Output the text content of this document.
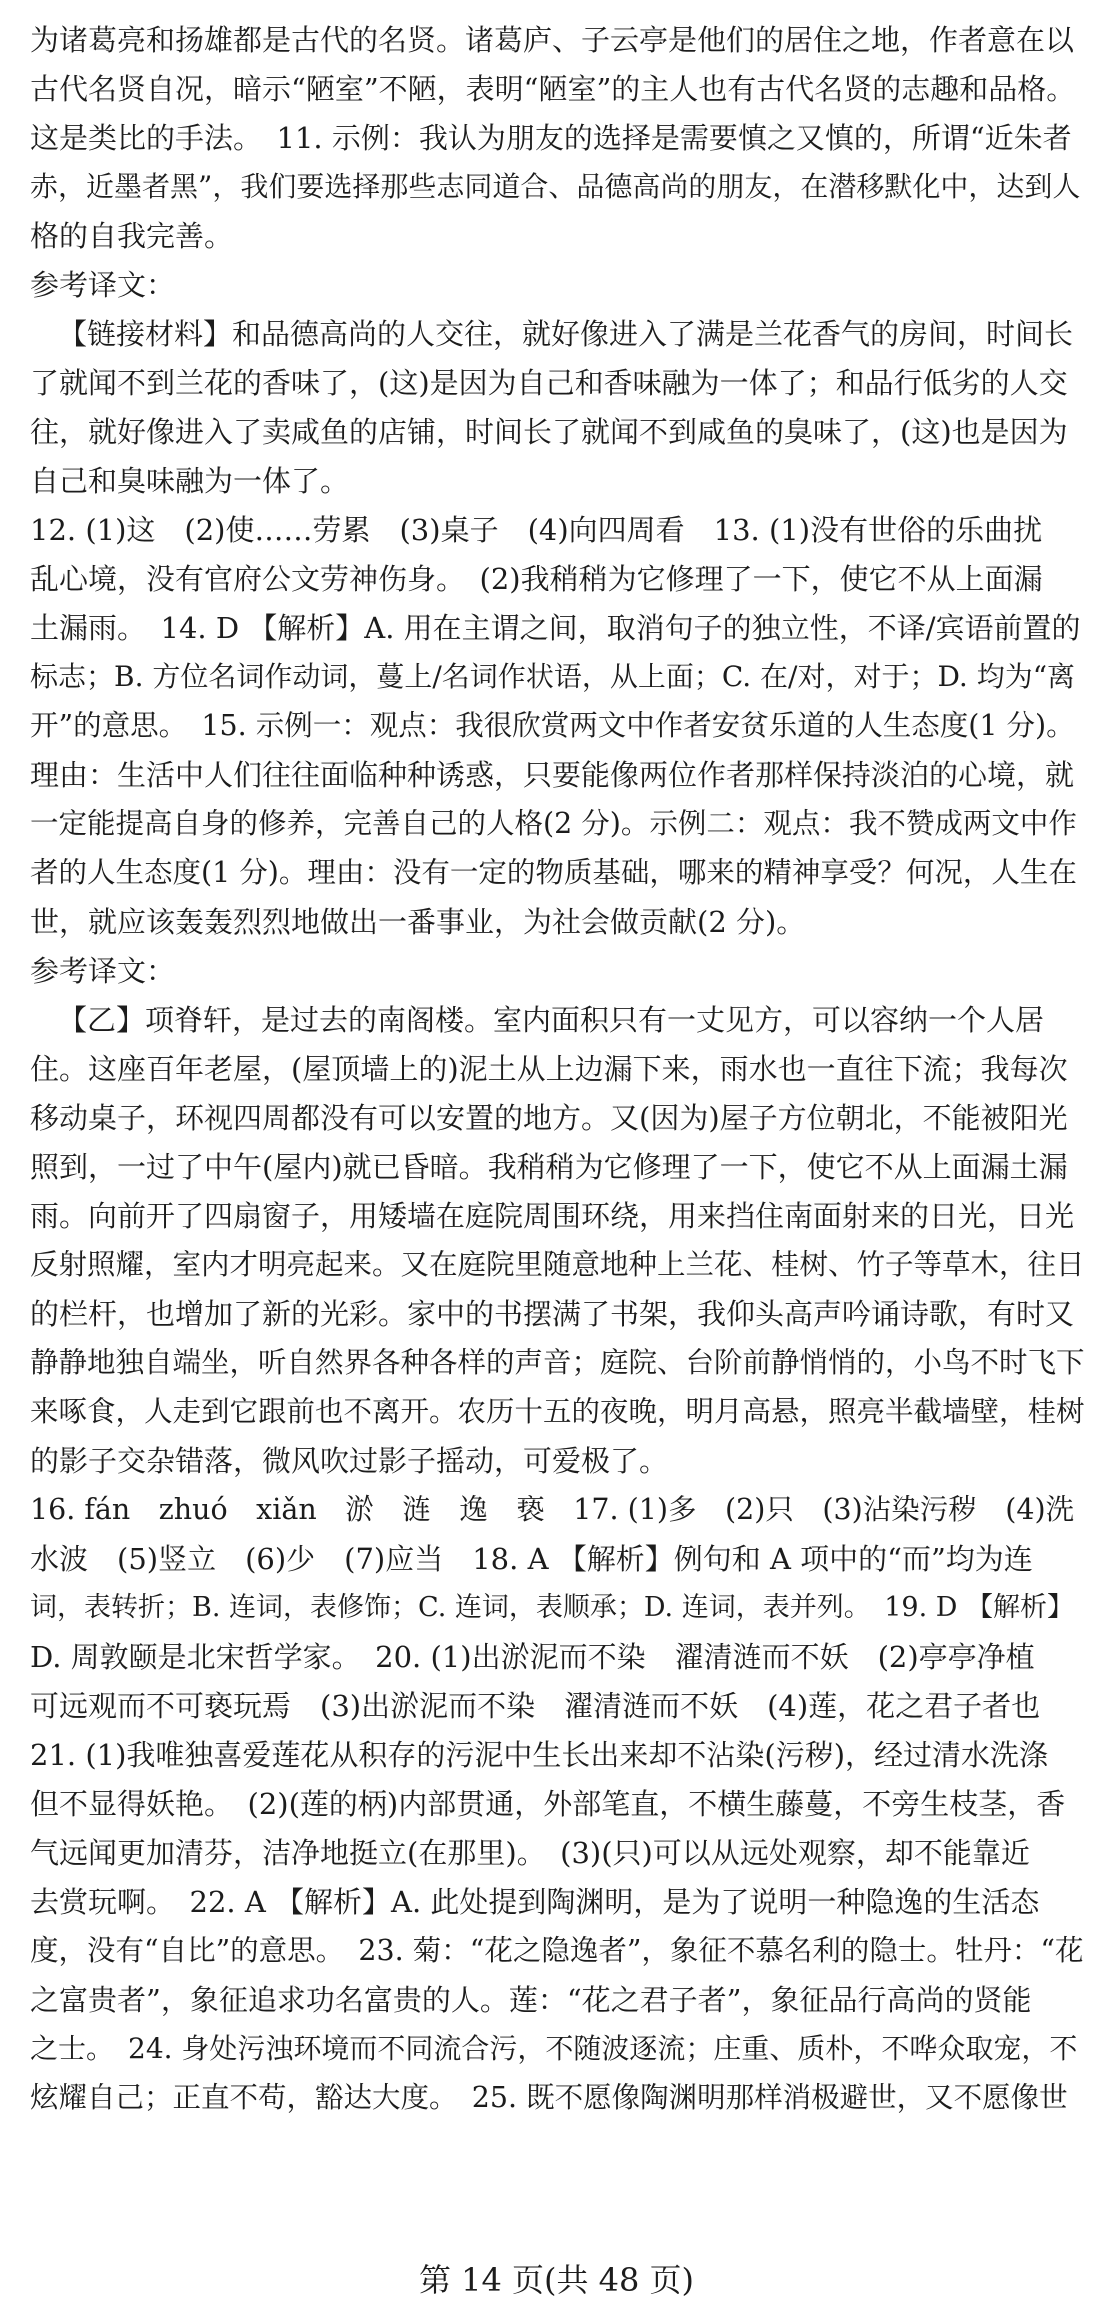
为诸葛亮和扬雄都是古代的名贤。诸葛庐、子云亭是他们的居住之地，作者意在以
古代名贤自况，暗示“陋室”不陋，表明“陋室”的主人也有古代名贤的志趣和品格。
这是类比的手法。　11. 示例：我认为朋友的选择是需要慎之又慎的，所谓“近朱者
赤，近墨者黑”，我们要选择那些志同道合、品德高尚的朋友，在潜移默化中，达到人
格的自我完善。
参考译文：
【链接材料】和品德高尚的人交往，就好像进入了满是兰花香气的房间，时间长
了就闻不到兰花的香味了，(这)是因为自己和香味融为一体了；和品行低劣的人交
往，就好像进入了卖咸鱼的店铺，时间长了就闻不到咸鱼的臭味了，(这)也是因为
自己和臭味融为一体了。
12. (1)这　(2)使……劳累　(3)桌子　(4)向四周看　13. (1)没有世俗的乐曲扰
乱心境，没有官府公文劳神伤身。　(2)我稍稍为它修理了一下，使它不从上面漏
土漏雨。　14. D 【解析】A. 用在主谓之间，取消句子的独立性，不译/宾语前置的
标志；B. 方位名词作动词，蔓上/名词作状语，从上面；C. 在/对，对于；D. 均为“离
开”的意思。　15. 示例一：观点：我很欣赏两文中作者安贫乐道的人生态度(1 分)。
理由：生活中人们往往面临种种诱惑，只要能像两位作者那样保持淡泊的心境，就
一定能提高自身的修养，完善自己的人格(2 分)。示例二：观点：我不赞成两文中作
者的人生态度(1 分)。理由：没有一定的物质基础，哪来的精神享受？何况，人生在
世，就应该轰轰烈烈地做出一番事业，为社会做贡献(2 分)。
参考译文：
【乙】项脊轩，是过去的南阁楼。室内面积只有一丈见方，可以容纳一个人居
住。这座百年老屋，(屋顶墙上的)泥土从上边漏下来，雨水也一直往下流；我每次
移动桌子，环视四周都没有可以安置的地方。又(因为)屋子方位朝北，不能被阳光
照到，一过了中午(屋内)就已昏暗。我稍稍为它修理了一下，使它不从上面漏土漏
雨。向前开了四扇窗子，用矮墙在庭院周围环绕，用来挡住南面射来的日光，日光
反射照耀，室内才明亮起来。又在庭院里随意地种上兰花、桂树、竹子等草木，往日
的栏杆，也增加了新的光彩。家中的书摆满了书架，我仰头高声吟诵诗歌，有时又
静静地独自端坐，听自然界各种各样的声音；庭院、台阶前静悄悄的，小鸟不时飞下
来啄食，人走到它跟前也不离开。农历十五的夜晚，明月高悬，照亮半截墙壁，桂树
的影子交杂错落，微风吹过影子摇动，可爱极了。
16. fán　zhuó　xiǎn　淤　涟　逸　亵　17. (1)多　(2)只　(3)沾染污秽　(4)洗
水波　(5)竖立　(6)少　(7)应当　18. A 【解析】例句和 A 项中的“而”均为连
词，表转折；B. 连词，表修饰；C. 连词，表顺承；D. 连词，表并列。　19. D 【解析】
D. 周敦颐是北宋哲学家。　20. (1)出淤泥而不染　濯清涟而不妖　(2)亭亭净植
可远观而不可亵玩焉　(3)出淤泥而不染　濯清涟而不妖　(4)莲，花之君子者也
21. (1)我唯独喜爱莲花从积存的污泥中生长出来却不沾染(污秽)，经过清水洗涤
但不显得妖艳。　(2)(莲的柄)内部贯通，外部笔直，不横生藤蔓，不旁生枝茎，香
气远闻更加清芬，洁净地挺立(在那里)。　(3)(只)可以从远处观察，却不能靠近
去赏玩啊。　22. A 【解析】A. 此处提到陶渊明，是为了说明一种隐逸的生活态
度，没有“自比”的意思。　23. 菊：“花之隐逸者”，象征不慕名利的隐士。牡丹：“花
之富贵者”，象征追求功名富贵的人。莲：“花之君子者”，象征品行高尚的贤能
之士。　24. 身处污浊环境而不同流合污，不随波逐流；庄重、质朴，不哗众取宠，不
炫耀自己；正直不苟，豁达大度。　25. 既不愿像陶渊明那样消极避世，又不愿像世
第 14 页(共 48 页)
